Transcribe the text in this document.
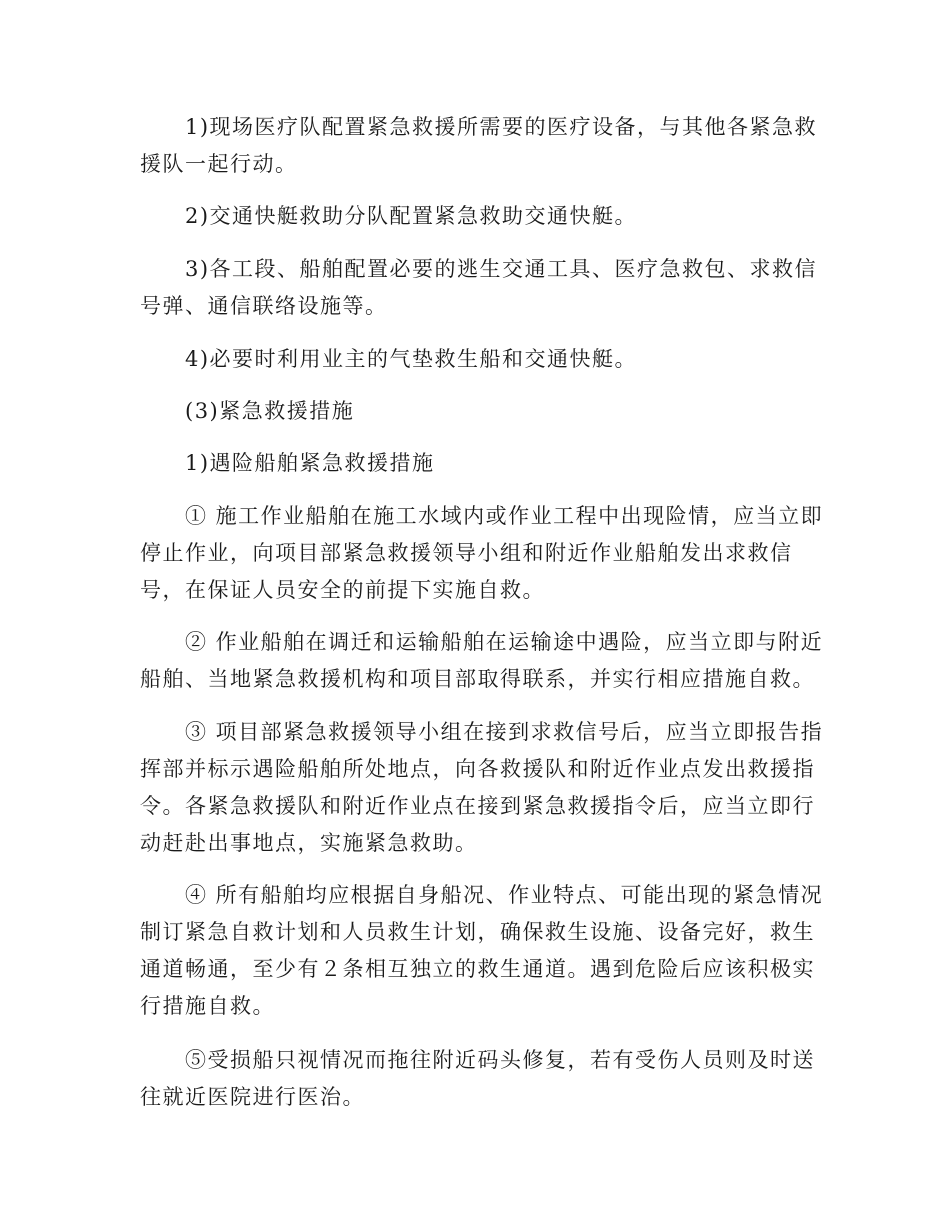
1)现场医疗队配置紧急救援所需要的医疗设备，与其他各紧急救
援队一起行动。
2)交通快艇救助分队配置紧急救助交通快艇。
3)各工段、船舶配置必要的逃生交通工具、医疗急救包、求救信
号弹、通信联络设施等。
4)必要时利用业主的气垫救生船和交通快艇。
(3)紧急救援措施
1)遇险船舶紧急救援措施
① 施工作业船舶在施工水域内或作业工程中出现险情，应当立即
停止作业，向项目部紧急救援领导小组和附近作业船舶发出求救信
号，在保证人员安全的前提下实施自救。
② 作业船舶在调迁和运输船舶在运输途中遇险，应当立即与附近
船舶、当地紧急救援机构和项目部取得联系，并实行相应措施自救。
③ 项目部紧急救援领导小组在接到求救信号后，应当立即报告指
挥部并标示遇险船舶所处地点，向各救援队和附近作业点发出救援指
令。各紧急救援队和附近作业点在接到紧急救援指令后，应当立即行
动赶赴出事地点，实施紧急救助。
④ 所有船舶均应根据自身船况、作业特点、可能出现的紧急情况
制订紧急自救计划和人员救生计划，确保救生设施、设备完好，救生
通道畅通，至少有２条相互独立的救生通道。遇到危险后应该积极实
行措施自救。
⑤受损船只视情况而拖往附近码头修复，若有受伤人员则及时送
往就近医院进行医治。
